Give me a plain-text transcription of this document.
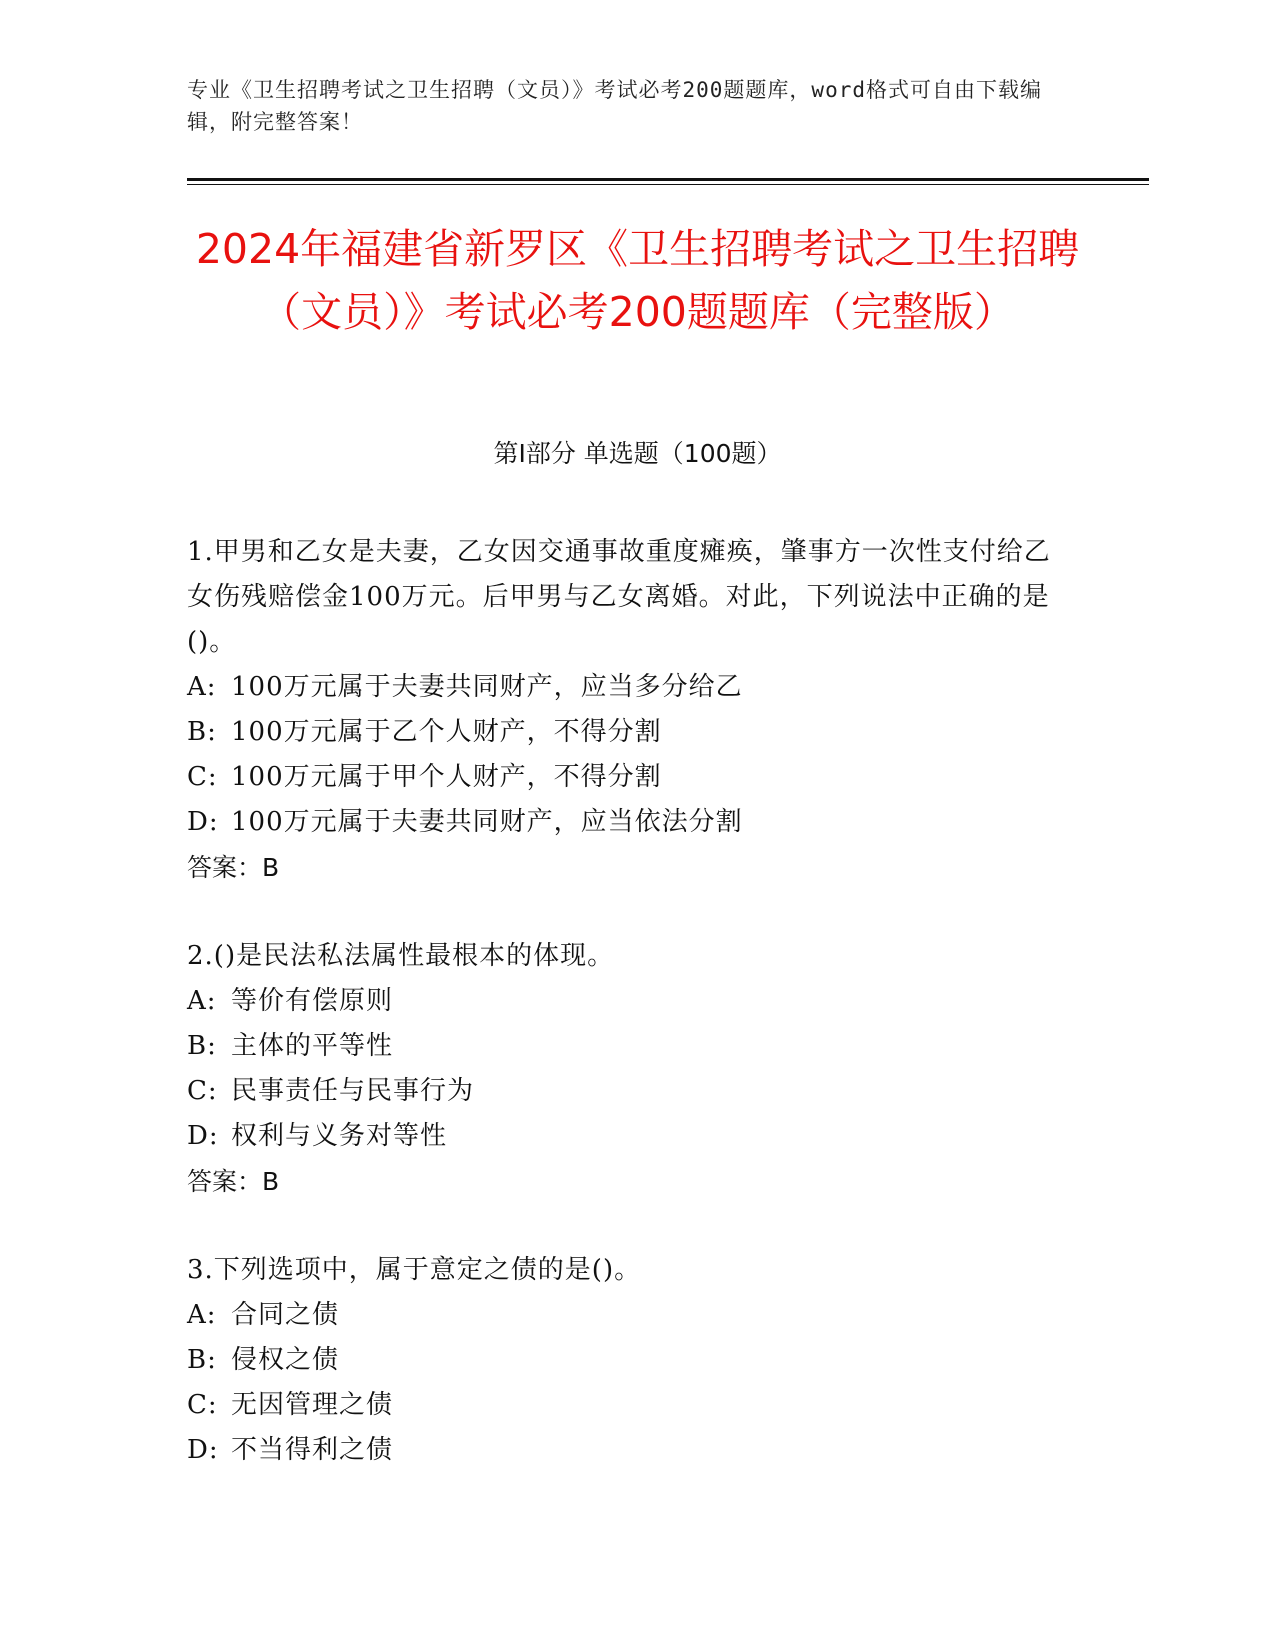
专业《卫生招聘考试之卫生招聘（文员）》考试必考200题题库，word格式可自由下载编辑，附完整答案！
2024年福建省新罗区《卫生招聘考试之卫生招聘（文员）》考试必考200题题库（完整版）
第I部分 单选题（100题）
1.甲男和乙女是夫妻，乙女因交通事故重度瘫痪，肇事方一次性支付给乙女伤残赔偿金100万元。后甲男与乙女离婚。对此，下列说法中正确的是()。
A: 100万元属于夫妻共同财产，应当多分给乙
B: 100万元属于乙个人财产，不得分割
C: 100万元属于甲个人财产，不得分割
D: 100万元属于夫妻共同财产，应当依法分割
答案：B
2.()是民法私法属性最根本的体现。
A: 等价有偿原则
B: 主体的平等性
C: 民事责任与民事行为
D: 权利与义务对等性
答案：B
3.下列选项中，属于意定之债的是()。
A: 合同之债
B: 侵权之债
C: 无因管理之债
D: 不当得利之债
